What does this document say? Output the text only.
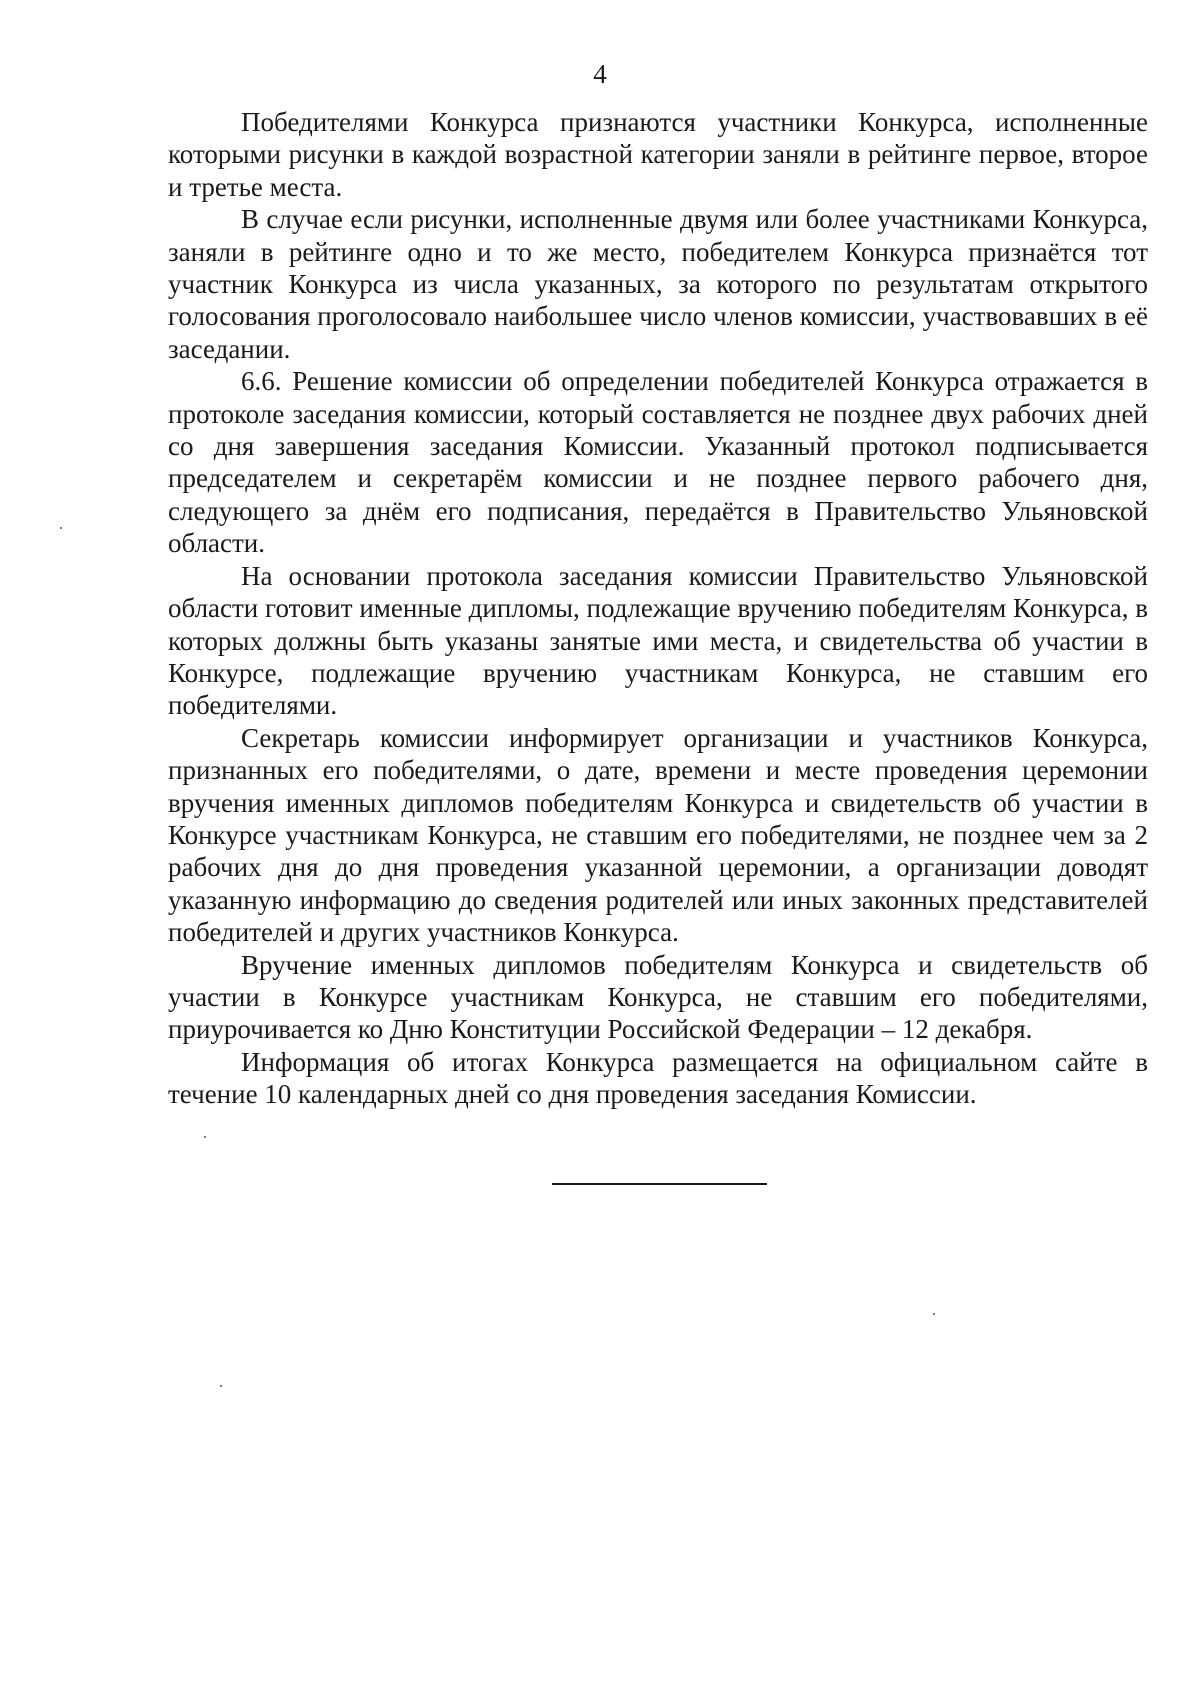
4

Победителями Конкурса признаются участники Конкурса, исполненные которыми рисунки в каждой возрастной категории заняли в рейтинге первое, второе и третье места.

В случае если рисунки, исполненные двумя или более участниками Конкурса, заняли в рейтинге одно и то же место, победителем Конкурса признаётся тот участник Конкурса из числа указанных, за которого по результатам открытого голосования проголосовало наибольшее число членов комиссии, участвовавших в её заседании.

6.6. Решение комиссии об определении победителей Конкурса отражается в протоколе заседания комиссии, который составляется не позднее двух рабочих дней со дня завершения заседания Комиссии. Указанный протокол подписывается председателем и секретарём комиссии и не позднее первого рабочего дня, следующего за днём его подписания, передаётся в Правительство Ульяновской области.

На основании протокола заседания комиссии Правительство Ульяновской области готовит именные дипломы, подлежащие вручению победителям Конкурса, в которых должны быть указаны занятые ими места, и свидетельства об участии в Конкурсе, подлежащие вручению участникам Конкурса, не ставшим его победителями.

Секретарь комиссии информирует организации и участников Конкурса, признанных его победителями, о дате, времени и месте проведения церемонии вручения именных дипломов победителям Конкурса и свидетельств об участии в Конкурсе участникам Конкурса, не ставшим его победителями, не позднее чем за 2 рабочих дня до дня проведения указанной церемонии, а организации доводят указанную информацию до сведения родителей или иных законных представителей победителей и других участников Конкурса.

Вручение именных дипломов победителям Конкурса и свидетельств об участии в Конкурсе участникам Конкурса, не ставшим его победителями, приурочивается ко Дню Конституции Российской Федерации – 12 декабря.

Информация об итогах Конкурса размещается на официальном сайте в течение 10 календарных дней со дня проведения заседания Комиссии.
